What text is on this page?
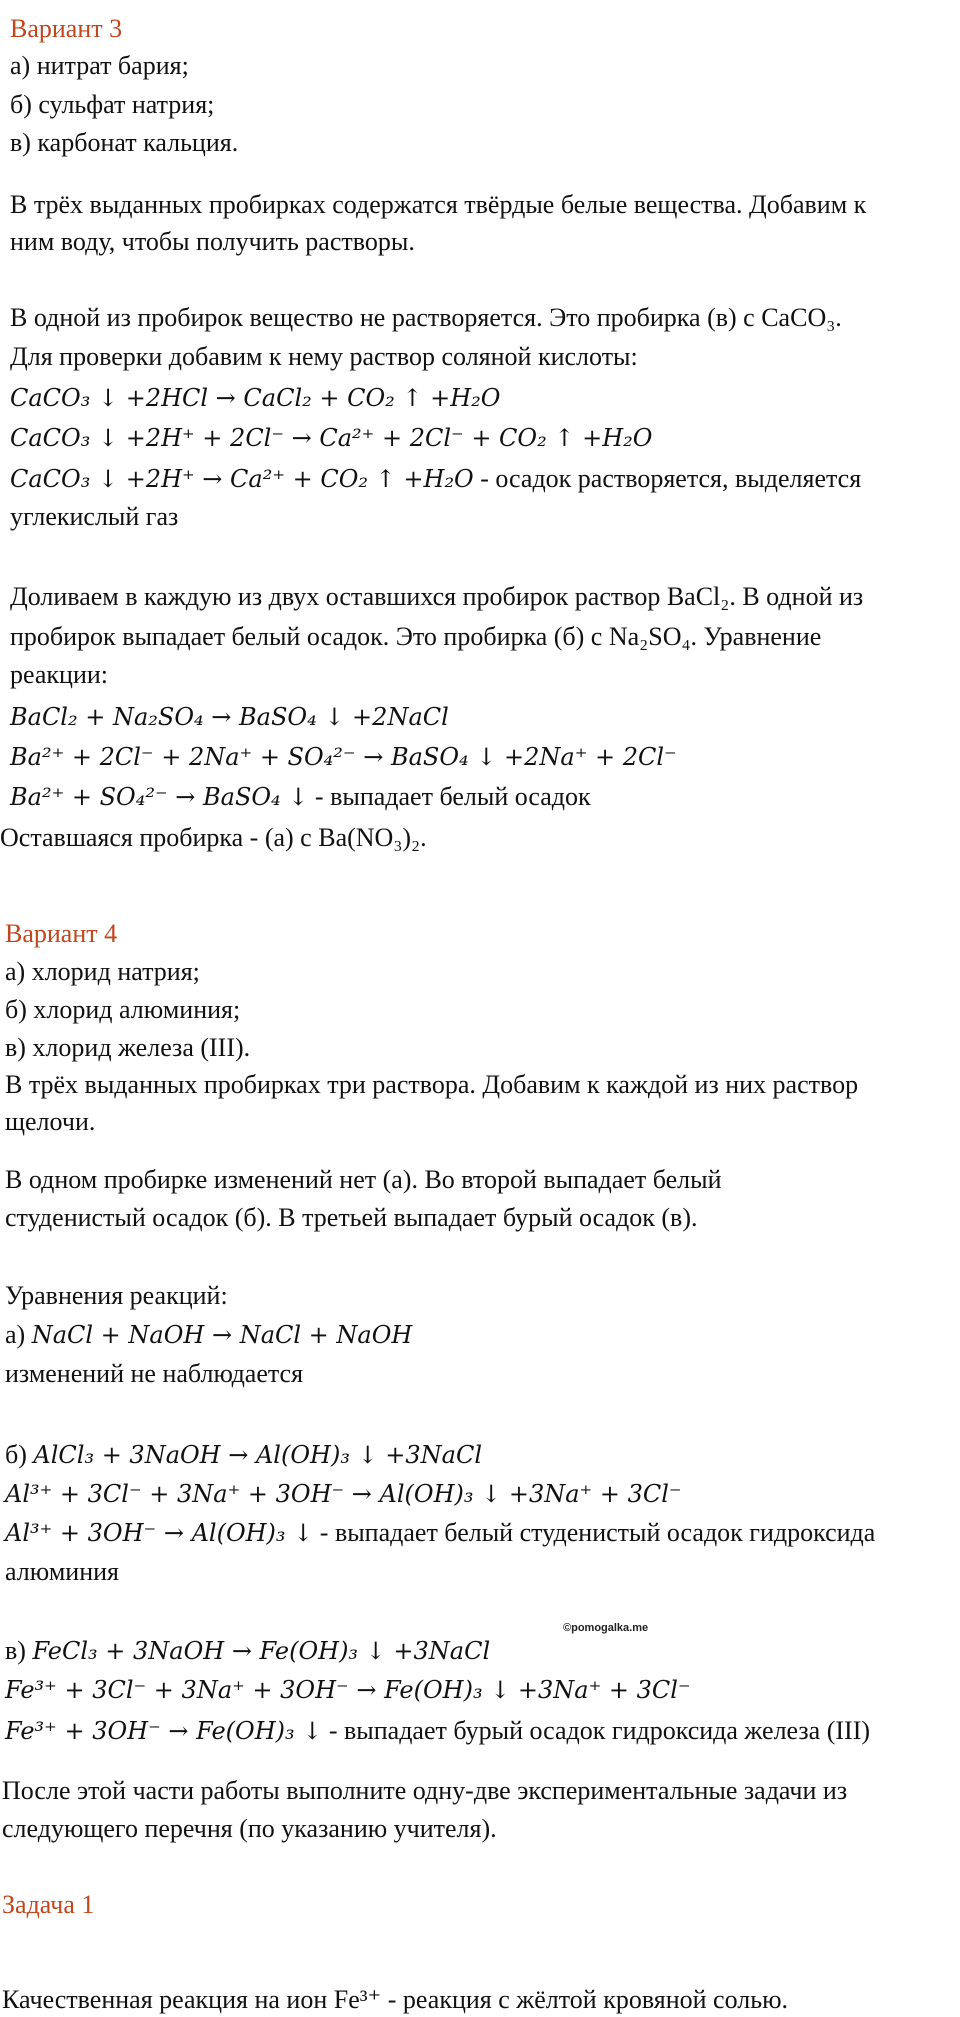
Вариант 3
а) нитрат бария;
б) сульфат натрия;
в) карбонат кальция.
В трёх выданных пробирках содержатся твёрдые белые вещества. Добавим к
ним воду, чтобы получить растворы.
В одной из пробирок вещество не растворяется. Это пробирка (в) с CaCO₃.
Для проверки добавим к нему раствор соляной кислоты:
CaCO₃ ↓ +2HCl → CaCl₂ + CO₂ ↑ +H₂O
CaCO₃ ↓ +2H⁺ + 2Cl⁻ → Ca²⁺ + 2Cl⁻ + CO₂ ↑ +H₂O
CaCO₃ ↓ +2H⁺ → Ca²⁺ + CO₂ ↑ +H₂O - осадок растворяется, выделяется
углекислый газ
Доливаем в каждую из двух оставшихся пробирок раствор BaCl₂. В одной из
пробирок выпадает белый осадок. Это пробирка (б) с Na₂SO₄. Уравнение
реакции:
BaCl₂ + Na₂SO₄ → BaSO₄ ↓ +2NaCl
Ba²⁺ + 2Cl⁻ + 2Na⁺ + SO₄²⁻ → BaSO₄ ↓ +2Na⁺ + 2Cl⁻
Ba²⁺ + SO₄²⁻ → BaSO₄ ↓ - выпадает белый осадок
Оставшаяся пробирка - (а) с Ba(NO₃)₂.
Вариант 4
а) хлорид натрия;
б) хлорид алюминия;
в) хлорид железа (III).
В трёх выданных пробирках три раствора. Добавим к каждой из них раствор
щелочи.
В одном пробирке изменений нет (а). Во второй выпадает белый
студенистый осадок (б). В третьей выпадает бурый осадок (в).
Уравнения реакций:
а) NaCl + NaOH → NaCl + NaOH
изменений не наблюдается
б) AlCl₃ + 3NaOH → Al(OH)₃ ↓ +3NaCl
Al³⁺ + 3Cl⁻ + 3Na⁺ + 3OH⁻ → Al(OH)₃ ↓ +3Na⁺ + 3Cl⁻
Al³⁺ + 3OH⁻ → Al(OH)₃ ↓ - выпадает белый студенистый осадок гидроксида
алюминия
в) FeCl₃ + 3NaOH → Fe(OH)₃ ↓ +3NaCl
©pomogalka.me
Fe³⁺ + 3Cl⁻ + 3Na⁺ + 3OH⁻ → Fe(OH)₃ ↓ +3Na⁺ + 3Cl⁻
Fe³⁺ + 3OH⁻ → Fe(OH)₃ ↓ - выпадает бурый осадок гидроксида железа (III)
После этой части работы выполните одну-две экспериментальные задачи из
следующего перечня (по указанию учителя).
Задача 1
Качественная реакция на ион Fe³⁺ - реакция с жёлтой кровяной солью.
